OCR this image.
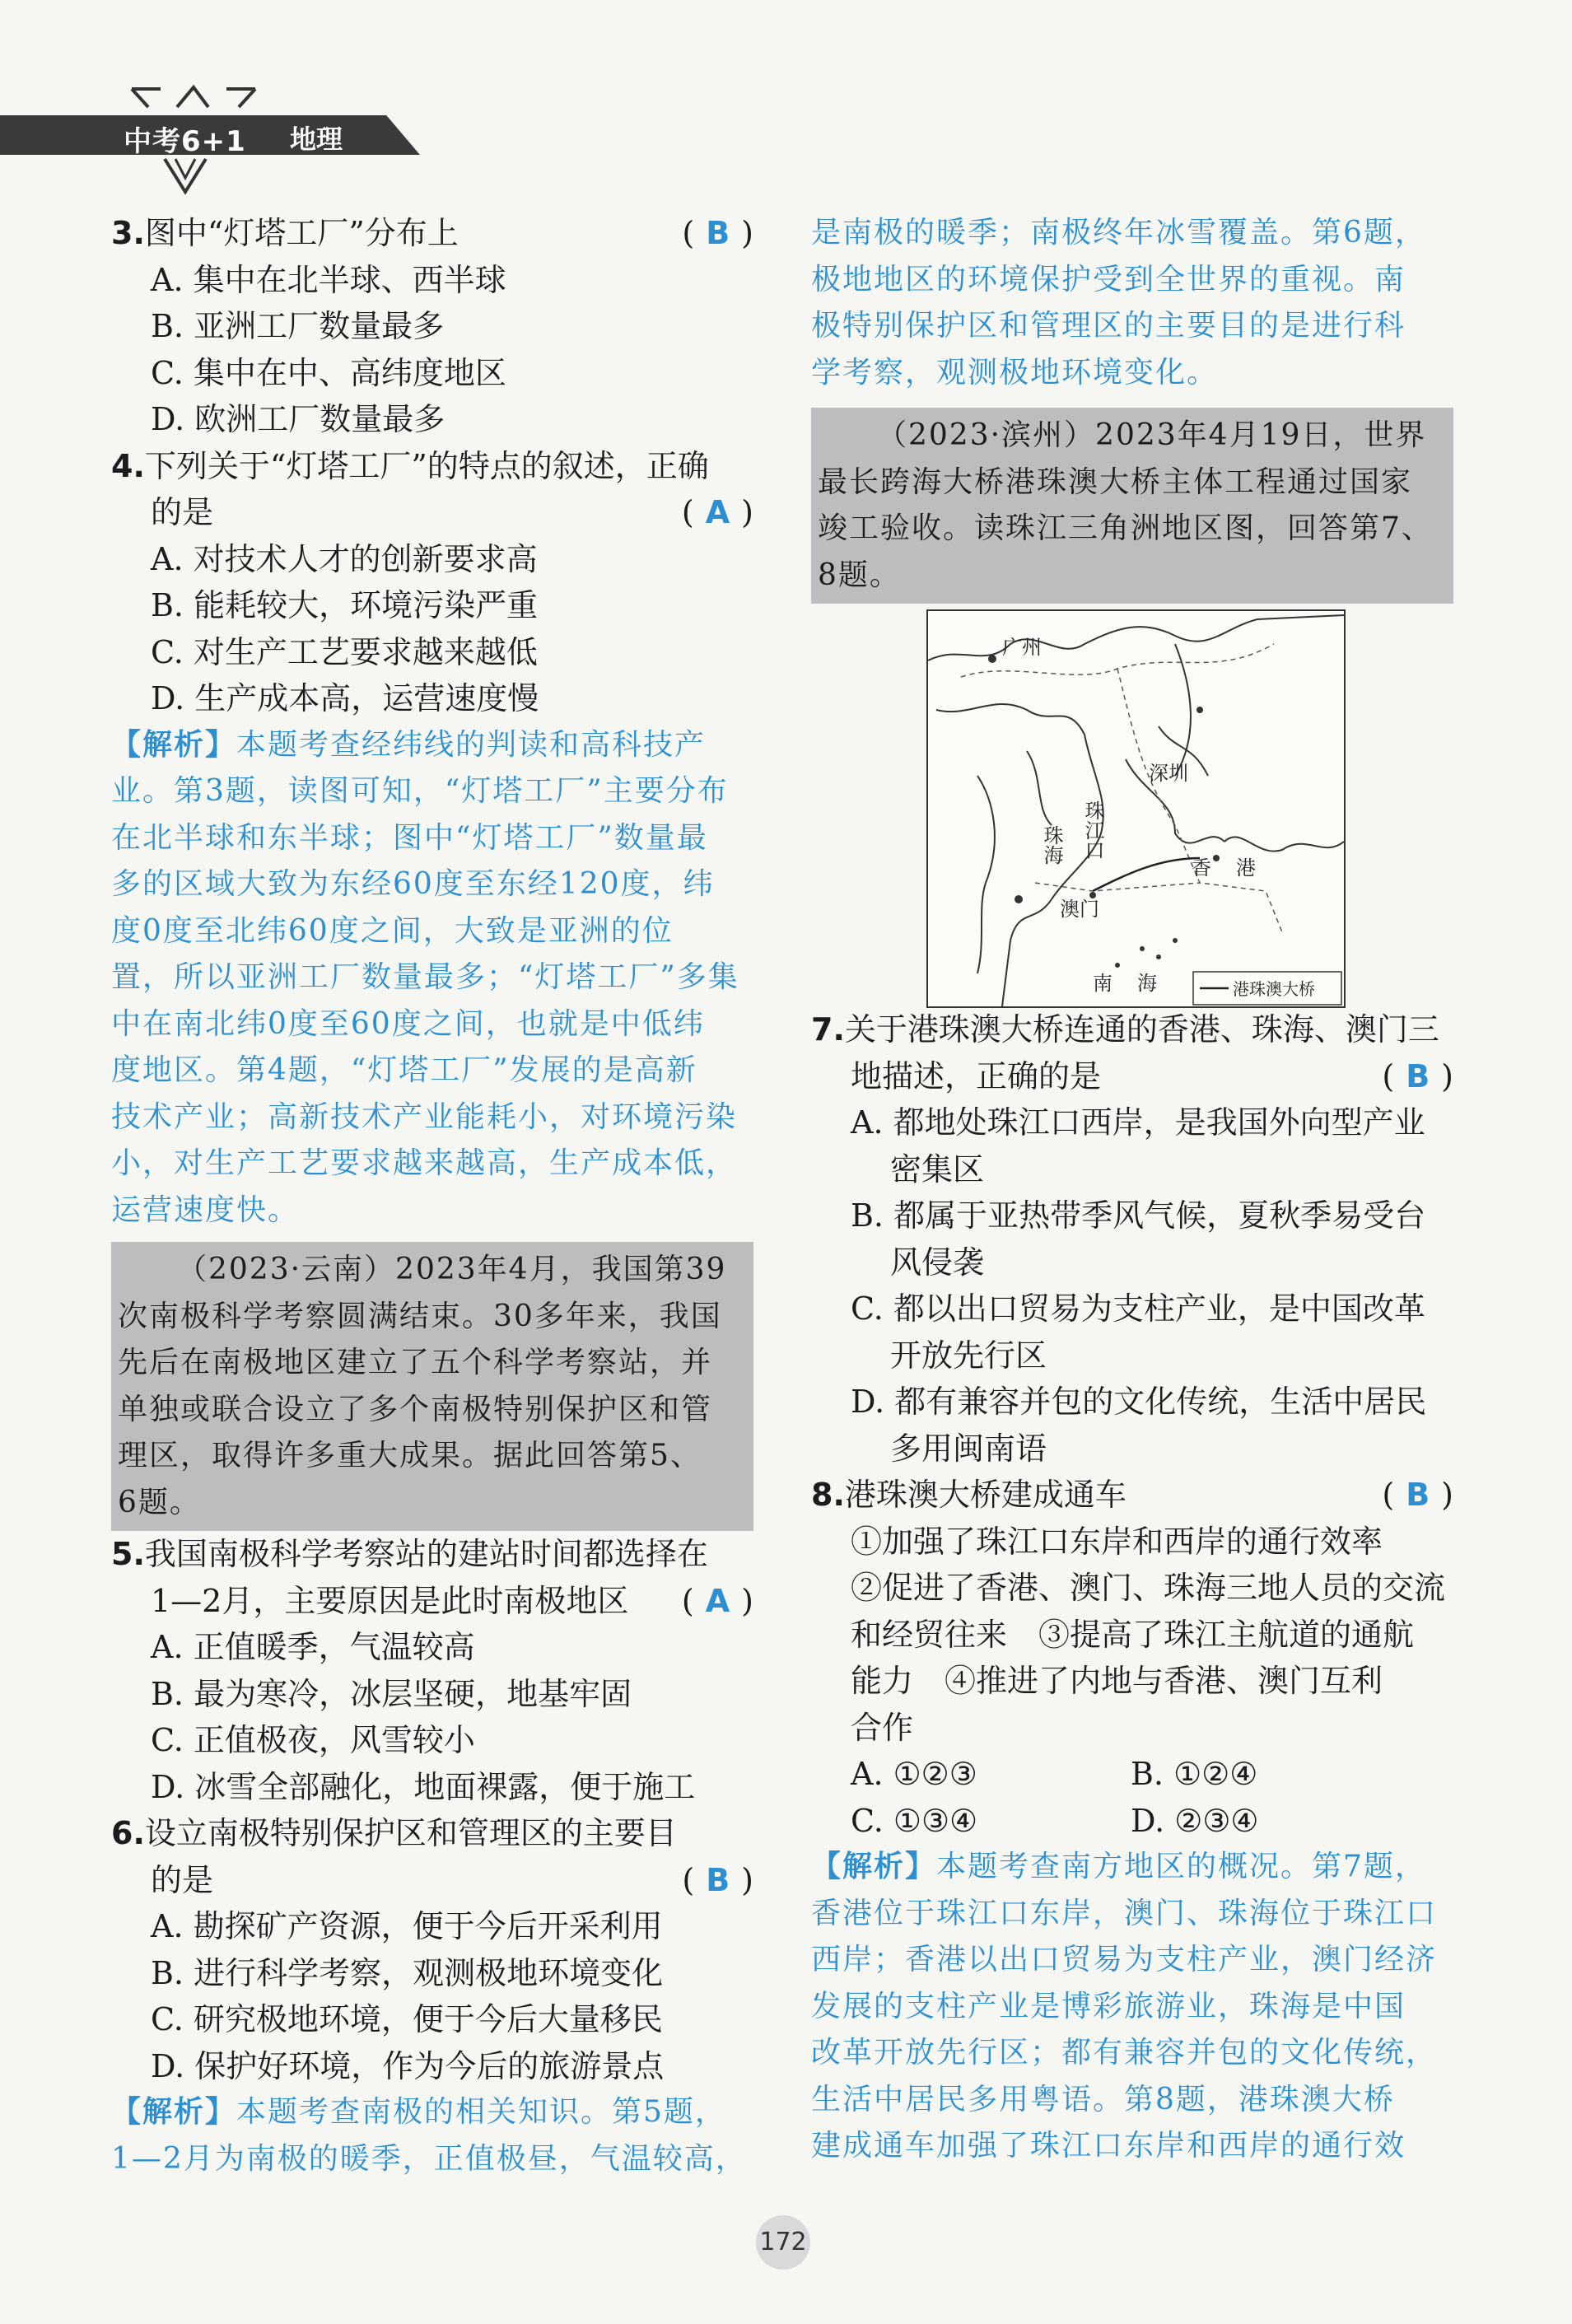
中考6+1 地理
3.图中“灯塔工厂”分布上	( B )
A. 集中在北半球、西半球
B. 亚洲工厂数量最多
C. 集中在中、高纬度地区
D. 欧洲工厂数量最多
4.下列关于“灯塔工厂”的特点的叙述，正确
的是	( A )
A. 对技术人才的创新要求高
B. 能耗较大，环境污染严重
C. 对生产工艺要求越来越低
D. 生产成本高，运营速度慢
【解析】本题考查经纬线的判读和高科技产
业。第3题，读图可知，“灯塔工厂”主要分布
在北半球和东半球；图中“灯塔工厂”数量最
多的区域大致为东经60度至东经120度，纬
度0度至北纬60度之间，大致是亚洲的位
置，所以亚洲工厂数量最多；“灯塔工厂”多集
中在南北纬0度至60度之间，也就是中低纬
度地区。第4题，“灯塔工厂”发展的是高新
技术产业；高新技术产业能耗小，对环境污染
小，对生产工艺要求越来越高，生产成本低，
运营速度快。
（2023·云南）2023年4月，我国第39
次南极科学考察圆满结束。30多年来，我国
先后在南极地区建立了五个科学考察站，并
单独或联合设立了多个南极特别保护区和管
理区，取得许多重大成果。据此回答第5、
6题。
5.我国南极科学考察站的建站时间都选择在
1—2月，主要原因是此时南极地区 ( A )
A. 正值暖季，气温较高
B. 最为寒冷，冰层坚硬，地基牢固
C. 正值极夜，风雪较小
D. 冰雪全部融化，地面裸露，便于施工
6.设立南极特别保护区和管理区的主要目
的是	( B )
A. 勘探矿产资源，便于今后开采利用
B. 进行科学考察，观测极地环境变化
C. 研究极地环境，便于今后大量移民
D. 保护好环境，作为今后的旅游景点
【解析】本题考查南极的相关知识。第5题，
1—2月为南极的暖季，正值极昼，气温较高，
是南极的暖季；南极终年冰雪覆盖。第6题，
极地地区的环境保护受到全世界的重视。南
极特别保护区和管理区的主要目的是进行科
学考察，观测极地环境变化。
（2023·滨州）2023年4月19日，世界
最长跨海大桥港珠澳大桥主体工程通过国家
竣工验收。读珠江三角洲地区图，回答第7、
8题。
广州
深圳
珠江口
珠海
香港
澳门
南海	港珠澳大桥
7.关于港珠澳大桥连通的香港、珠海、澳门三
地描述，正确的是	( B )
A. 都地处珠江口西岸，是我国外向型产业
密集区
B. 都属于亚热带季风气候，夏秋季易受台
风侵袭
C. 都以出口贸易为支柱产业，是中国改革
开放先行区
D. 都有兼容并包的文化传统，生活中居民
多用闽南语
8.港珠澳大桥建成通车	( B )
①加强了珠江口东岸和西岸的通行效率
②促进了香港、澳门、珠海三地人员的交流
和经贸往来　③提高了珠江主航道的通航
能力　④推进了内地与香港、澳门互利
合作
A. ①②③	B. ①②④
C. ①③④	D. ②③④
【解析】本题考查南方地区的概况。第7题，
香港位于珠江口东岸，澳门、珠海位于珠江口
西岸；香港以出口贸易为支柱产业，澳门经济
发展的支柱产业是博彩旅游业，珠海是中国
改革开放先行区；都有兼容并包的文化传统，
生活中居民多用粤语。第8题，港珠澳大桥
建成通车加强了珠江口东岸和西岸的通行效
172
